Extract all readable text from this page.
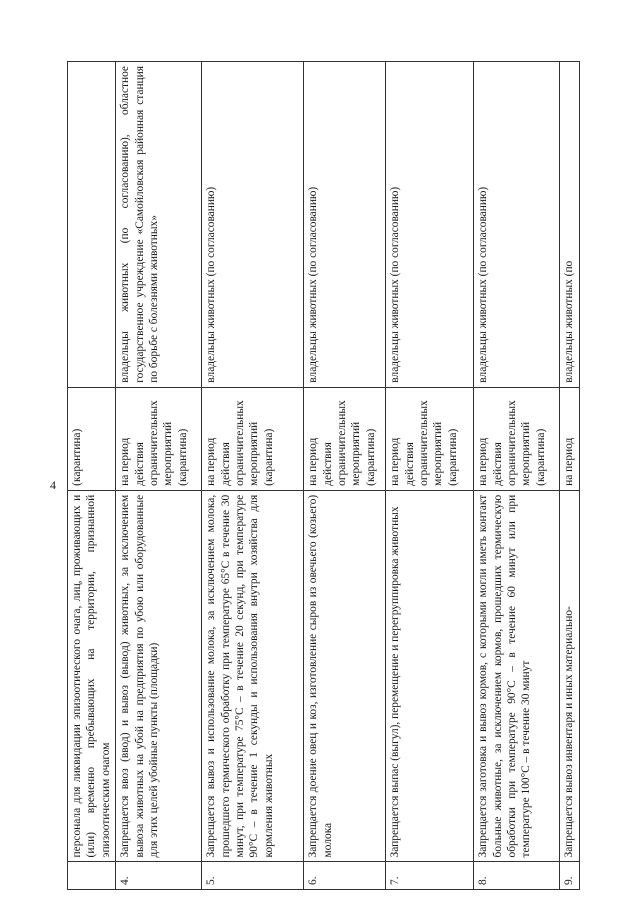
4
	персонала для ликвидации эпизоотического очага, лиц, проживающих и (или) временно пребывающих на территории, признанной эпизоотическим очагом	(карантина)	
4.	Запрещается ввоз (ввод) и вывоз (вывод) животных, за исключением вывоза животных на убой на предприятия по убою или оборудованные для этих целей убойные пункты (площадки)	на период действия ограничительных мероприятий (карантина)	владельцы животных (по согласованию), областное государственное учреждение «Самойловская районная станция по борьбе с болезнями животных»
5.	Запрещается вывоз и использование молока, за исключением молока, прошедшего термического обработку при температуре 65°С в течение 30 минут, при температуре 75°С – в течение 20 секунд, при температуре 90°С – в течение 1 секунды и использования внутри хозяйства для кормления животных	на период действия ограничительных мероприятий (карантина)	владельцы животных (по согласованию)
6.	Запрещается доение овец и коз, изготовление сыров из овечьего (козьего) молока	на период действия ограничительных мероприятий (карантина)	владельцы животных (по согласованию)
7.	Запрещается выпас (выгул), перемещение и перегруппировка животных	на период действия ограничительных мероприятий (карантина)	владельцы животных (по согласованию)
8.	Запрещается заготовка и вывоз кормов, с которыми могли иметь контакт больные животные, за исключением кормов, прошедших термическую обработки при температуре 90°С – в течение 60 минут или при температуре 100°С – в течение 30 минут	на период действия ограничительных мероприятий (карантина)	владельцы животных (по согласованию)
9.	Запрещается вывоз инвентаря и иных материально-	на период	владельцы животных (по
